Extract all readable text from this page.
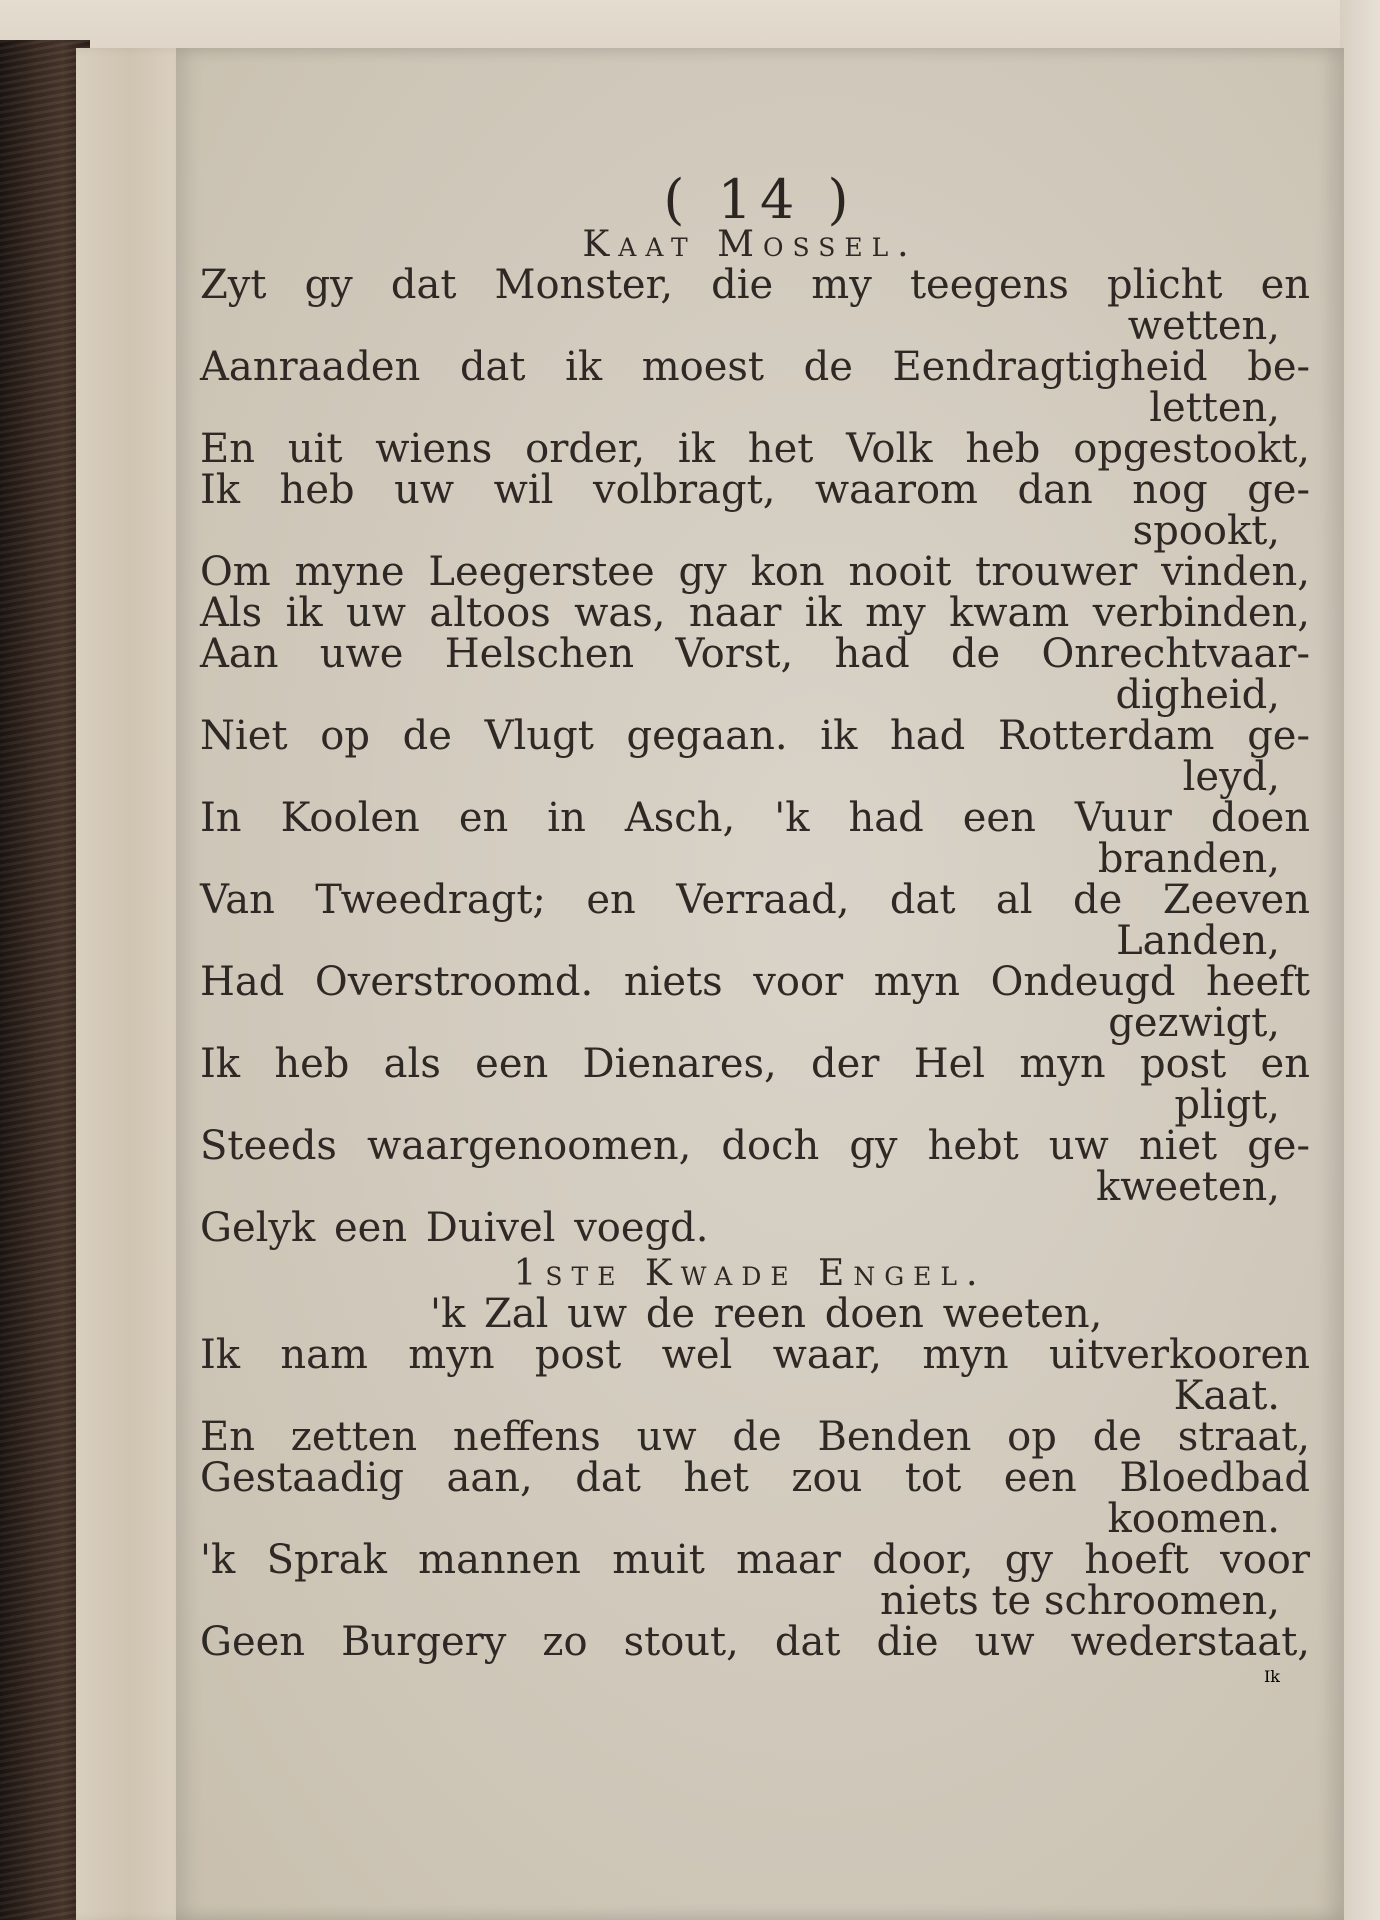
( 14 )
Kaat Mossel.
Zyt gy dat Monster, die my teegens plicht en
wetten,
Aanraaden dat ik moest de Eendragtigheid be-
letten,
En uit wiens order, ik het Volk heb opgestookt,
Ik heb uw wil volbragt, waarom dan nog ge-
spookt,
Om myne Leegerstee gy kon nooit trouwer vinden,
Als ik uw altoos was, naar ik my kwam verbinden,
Aan uwe Helschen Vorst, had de Onrechtvaar-
digheid,
Niet op de Vlugt gegaan. ik had Rotterdam ge-
leyd,
In Koolen en in Asch, 'k had een Vuur doen
branden,
Van Tweedragt; en Verraad, dat al de Zeeven
Landen,
Had Overstroomd. niets voor myn Ondeugd heeft
gezwigt,
Ik heb als een Dienares, der Hel myn post en
pligt,
Steeds waargenoomen, doch gy hebt uw niet ge-
kweeten,
Gelyk een Duivel voegd.
1ste Kwade Engel.
'k Zal uw de reen doen weeten,
Ik nam myn post wel waar, myn uitverkooren
Kaat.
En zetten neffens uw de Benden op de straat,
Gestaadig aan, dat het zou tot een Bloedbad
koomen.
'k Sprak mannen muit maar door, gy hoeft voor
niets te schroomen,
Geen Burgery zo stout, dat die uw wederstaat,
Ik
